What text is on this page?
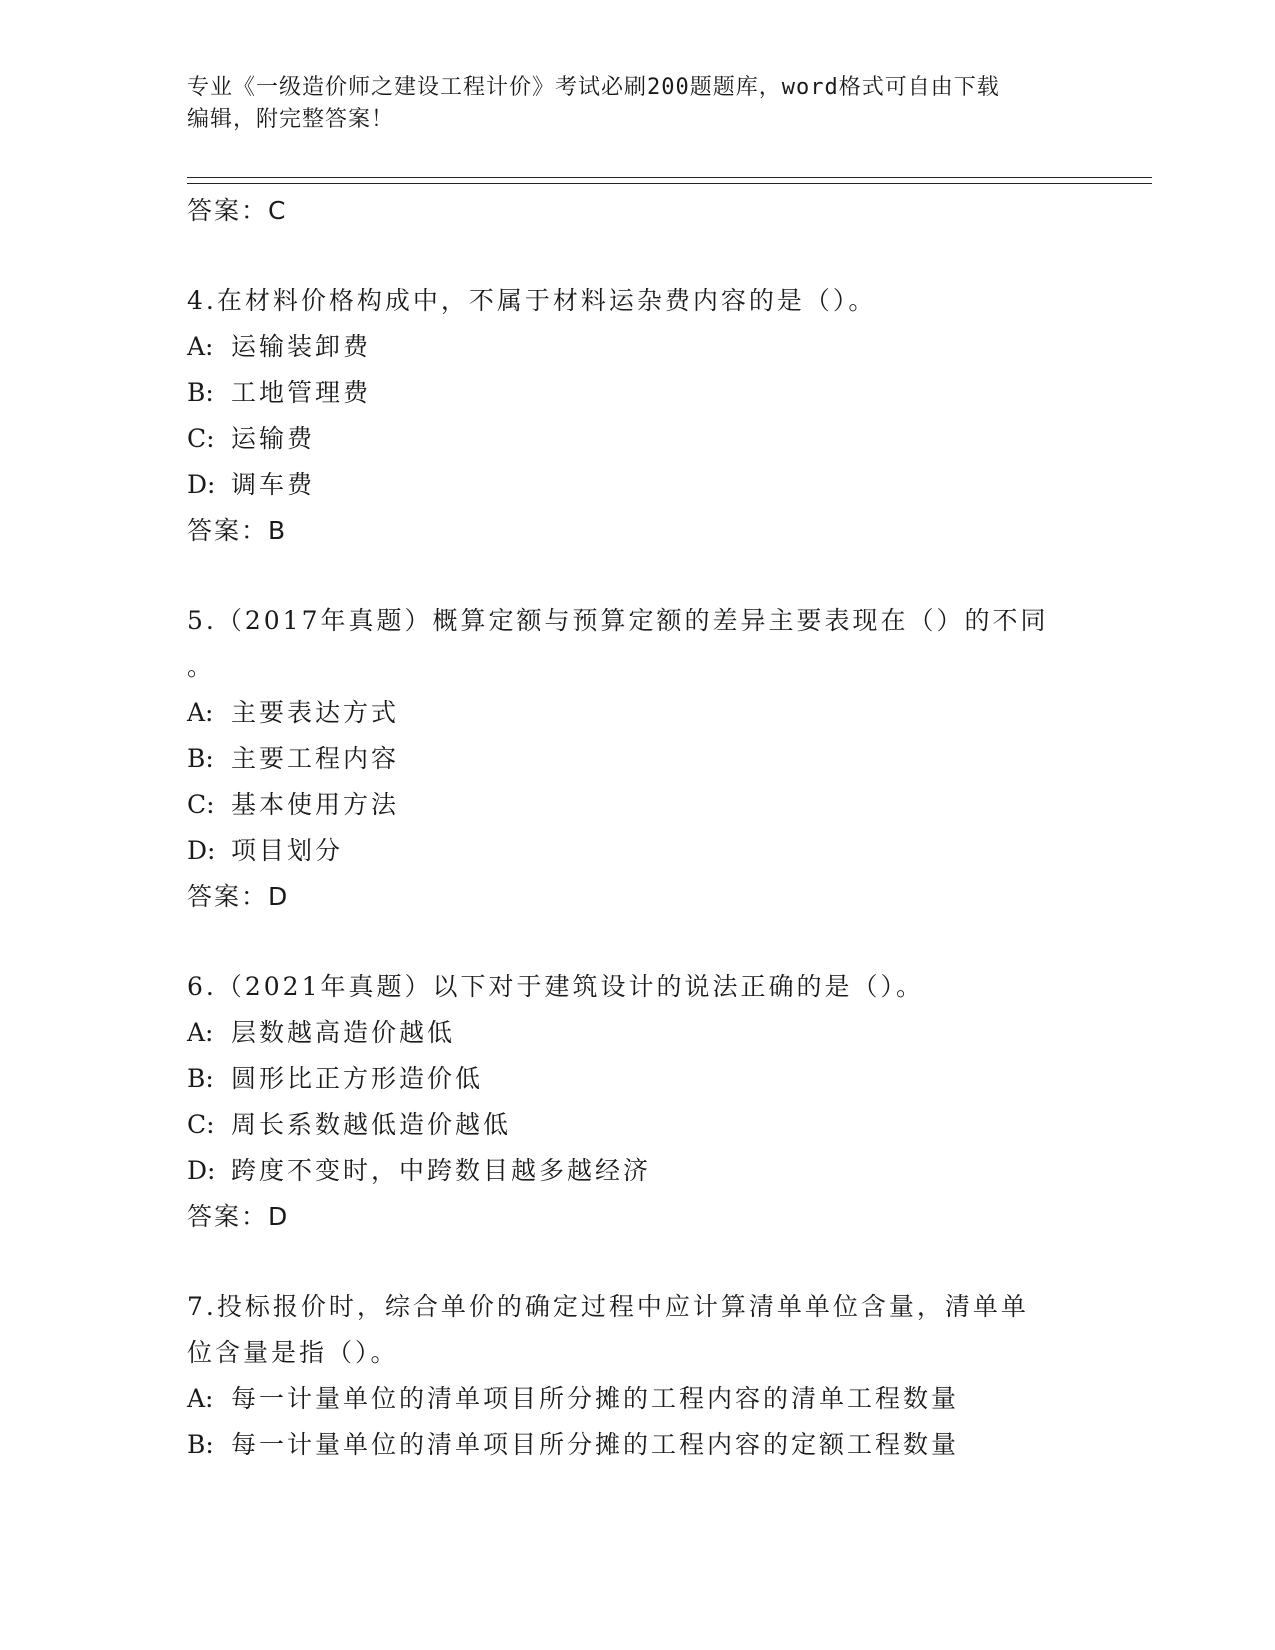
专业《一级造价师之建设工程计价》考试必刷200题题库，word格式可自由下载
编辑，附完整答案！
答案：C
4.在材料价格构成中，不属于材料运杂费内容的是（）。
A: 运输装卸费
B: 工地管理费
C: 运输费
D: 调车费
答案：B
5.（2017年真题）概算定额与预算定额的差异主要表现在（）的不同
。
A: 主要表达方式
B: 主要工程内容
C: 基本使用方法
D: 项目划分
答案：D
6.（2021年真题）以下对于建筑设计的说法正确的是（）。
A: 层数越高造价越低
B: 圆形比正方形造价低
C: 周长系数越低造价越低
D: 跨度不变时，中跨数目越多越经济
答案：D
7.投标报价时，综合单价的确定过程中应计算清单单位含量，清单单
位含量是指（）。
A: 每一计量单位的清单项目所分摊的工程内容的清单工程数量
B: 每一计量单位的清单项目所分摊的工程内容的定额工程数量
